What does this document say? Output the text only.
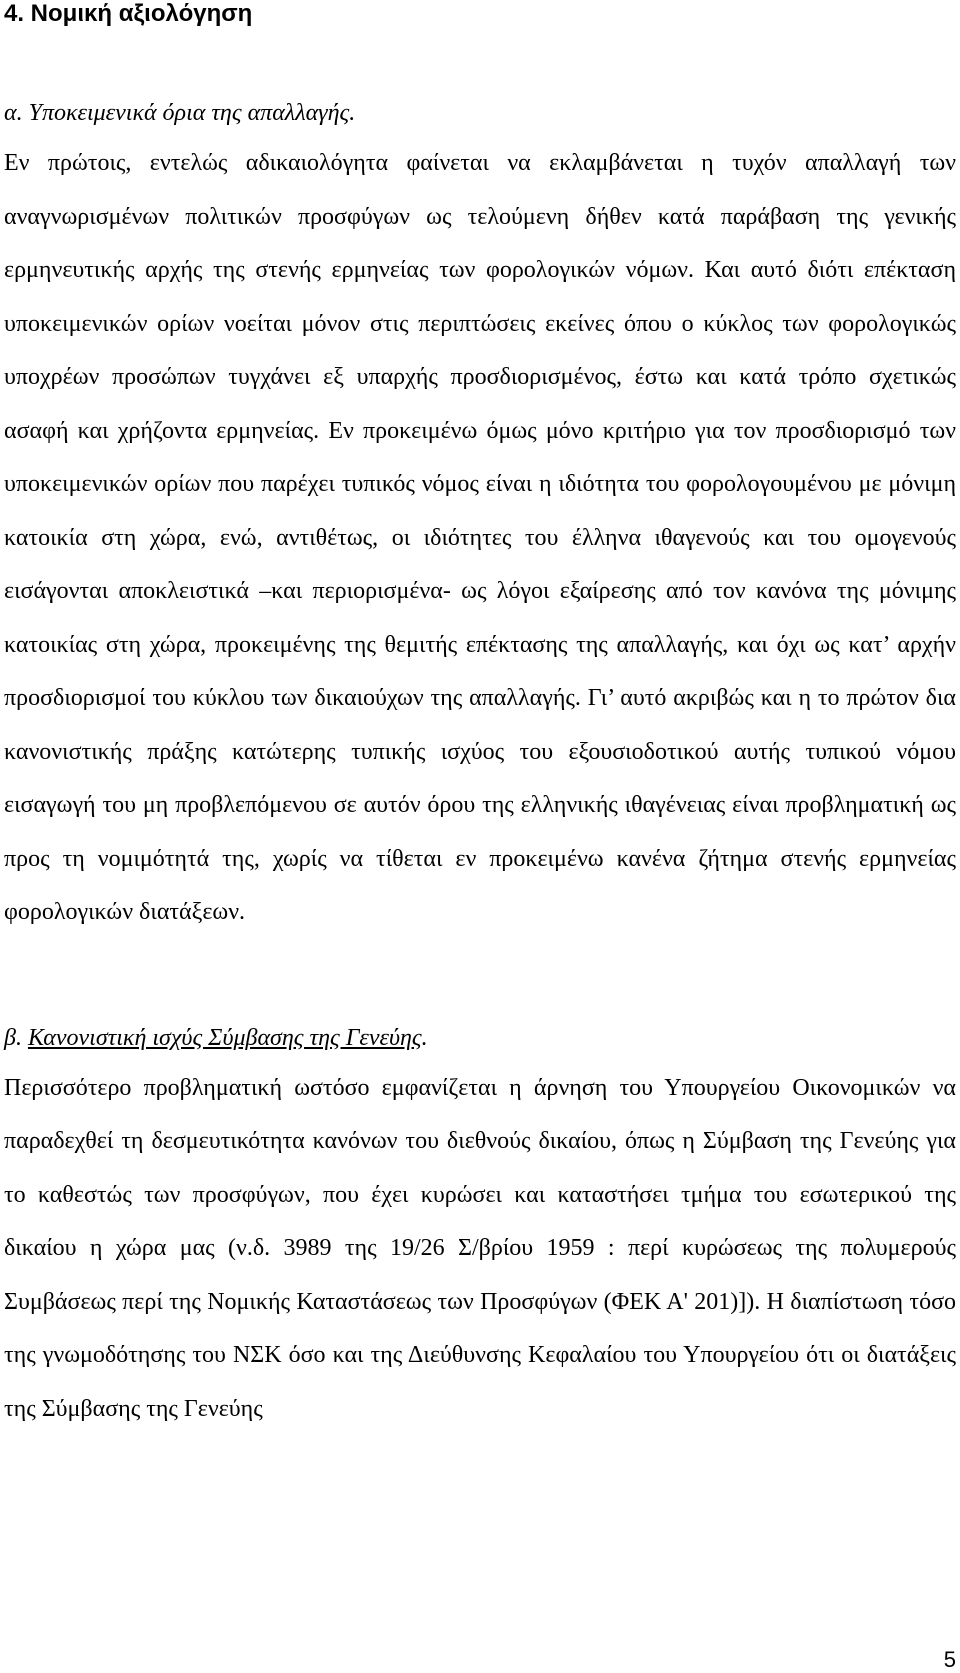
4. Νομική αξιολόγηση

α. Υποκειμενικά όρια της απαλλαγής.

Εν πρώτοις, εντελώς αδικαιολόγητα φαίνεται να εκλαμβάνεται η τυχόν απαλλαγή των αναγνωρισμένων πολιτικών προσφύγων ως τελούμενη δήθεν κατά παράβαση της γενικής ερμηνευτικής αρχής της στενής ερμηνείας των φορολογικών νόμων. Και αυτό διότι επέκταση υποκειμενικών ορίων νοείται μόνον στις περιπτώσεις εκείνες όπου ο κύκλος των φορολογικώς υποχρέων προσώπων τυγχάνει εξ υπαρχής προσδιορισμένος, έστω και κατά τρόπο σχετικώς ασαφή και χρήζοντα ερμηνείας. Εν προκειμένω όμως μόνο κριτήριο για τον προσδιορισμό των υποκειμενικών ορίων που παρέχει τυπικός νόμος είναι η ιδιότητα του φορολογουμένου με μόνιμη κατοικία στη χώρα, ενώ, αντιθέτως, οι ιδιότητες του έλληνα ιθαγενούς και του ομογενούς εισάγονται αποκλειστικά –και περιορισμένα- ως λόγοι εξαίρεσης από τον κανόνα της μόνιμης κατοικίας στη χώρα, προκειμένης της θεμιτής επέκτασης της απαλλαγής, και όχι ως κατ’ αρχήν προσδιορισμοί του κύκλου των δικαιούχων της απαλλαγής. Γι’ αυτό ακριβώς και η το πρώτον δια κανονιστικής πράξης κατώτερης τυπικής ισχύος του εξουσιοδοτικού αυτής τυπικού νόμου εισαγωγή του μη προβλεπόμενου σε αυτόν όρου της ελληνικής ιθαγένειας είναι προβληματική ως προς τη νομιμότητά της, χωρίς να τίθεται εν προκειμένω κανένα ζήτημα στενής ερμηνείας φορολογικών διατάξεων.

β. Κανονιστική ισχύς Σύμβασης της Γενεύης.

Περισσότερο προβληματική ωστόσο εμφανίζεται η άρνηση του Υπουργείου Οικονομικών να παραδεχθεί τη δεσμευτικότητα κανόνων του διεθνούς δικαίου, όπως η Σύμβαση της Γενεύης για το καθεστώς των προσφύγων, που έχει κυρώσει και καταστήσει τμήμα του εσωτερικού της δικαίου η χώρα μας (ν.δ. 3989 της 19/26 Σ/βρίου 1959 : περί κυρώσεως της πολυμερούς Συμβάσεως περί της Νομικής Καταστάσεως των Προσφύγων (ΦΕΚ Α' 201)]). Η διαπίστωση τόσο της γνωμοδότησης του ΝΣΚ όσο και της Διεύθυνσης Κεφαλαίου του Υπουργείου ότι οι διατάξεις της Σύμβασης της Γενεύης

5
